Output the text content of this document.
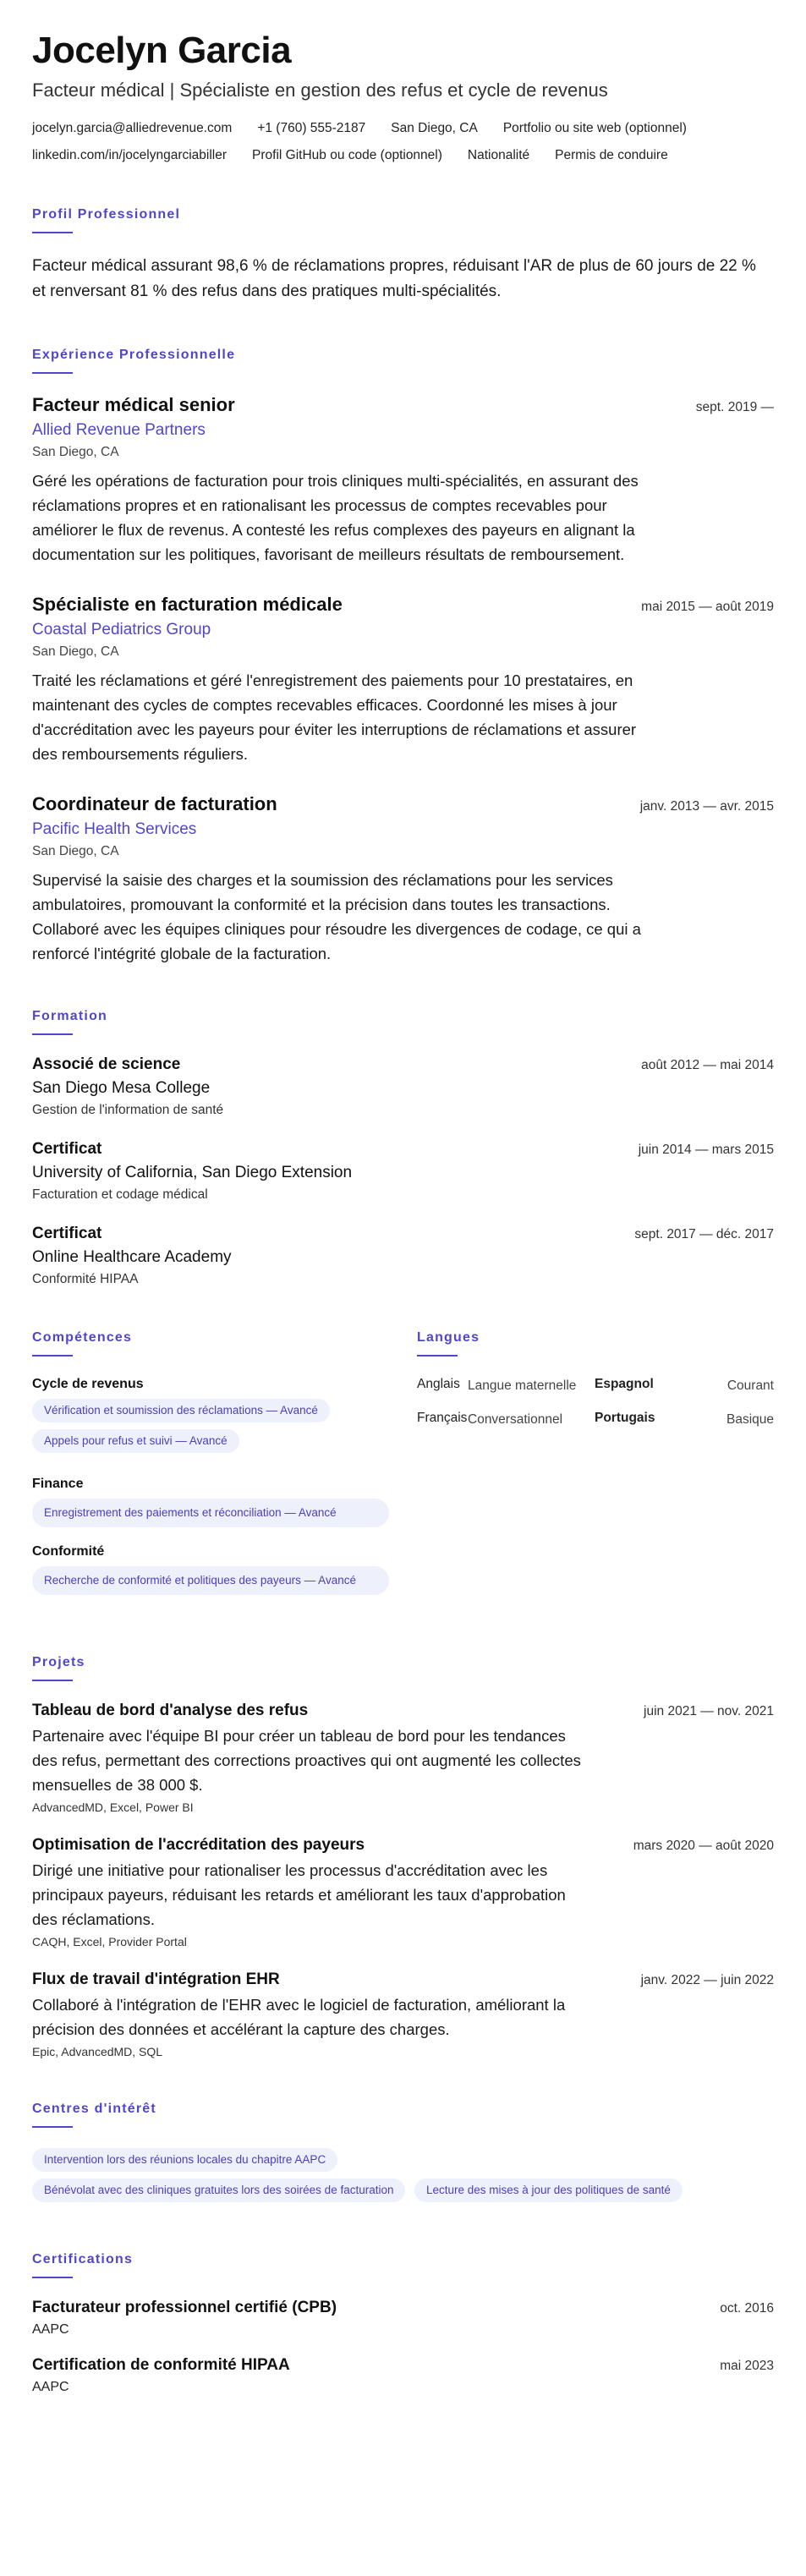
Jocelyn Garcia
Facteur médical | Spécialiste en gestion des refus et cycle de revenus
jocelyn.garcia@alliedrevenue.com +1 (760) 555-2187 San Diego, CA Portfolio ou site web (optionnel)
linkedin.com/in/jocelyngarciabiller Profil GitHub ou code (optionnel) Nationalité Permis de conduire
Profil Professionnel

Facteur médical assurant 98,6 % de réclamations propres, réduisant l'AR de plus de 60 jours de 22 % et renversant 81 % des refus dans des pratiques multi-spécialités.

Expérience Professionnelle
Facteur médical senior	sept. 2019 —
Allied Revenue Partners
San Diego, CA

Géré les opérations de facturation pour trois cliniques multi-spécialités, en assurant des réclamations propres et en rationalisant les processus de comptes recevables pour améliorer le flux de revenus. A contesté les refus complexes des payeurs en alignant la documentation sur les politiques, favorisant de meilleurs résultats de remboursement.

Spécialiste en facturation médicale	mai 2015 — août 2019
Coastal Pediatrics Group
San Diego, CA

Traité les réclamations et géré l'enregistrement des paiements pour 10 prestataires, en maintenant des cycles de comptes recevables efficaces. Coordonné les mises à jour d'accréditation avec les payeurs pour éviter les interruptions de réclamations et assurer des remboursements réguliers.

Coordinateur de facturation	janv. 2013 — avr. 2015
Pacific Health Services
San Diego, CA

Supervisé la saisie des charges et la soumission des réclamations pour les services ambulatoires, promouvant la conformité et la précision dans toutes les transactions. Collaboré avec les équipes cliniques pour résoudre les divergences de codage, ce qui a renforcé l'intégrité globale de la facturation.

Formation
Associé de science	août 2012 — mai 2014
San Diego Mesa College
Gestion de l'information de santé
Certificat	juin 2014 — mars 2015
University of California, San Diego Extension
Facturation et codage médical
Certificat	sept. 2017 — déc. 2017
Online Healthcare Academy
Conformité HIPAA
Compétences
Cycle de revenus
Vérification et soumission des réclamations — Avancé
Appels pour refus et suivi — Avancé
Finance
Enregistrement des paiements et réconciliation — Avancé
Conformité
Recherche de conformité et politiques des payeurs — Avancé
Langues
Anglais Langue maternelle	Espagnol	Courant
Français Conversationnel	Portugais	Basique
Projets
Tableau de bord d'analyse des refus	juin 2021 — nov. 2021

Partenaire avec l'équipe BI pour créer un tableau de bord pour les tendances des refus, permettant des corrections proactives qui ont augmenté les collectes mensuelles de 38 000 $.

AdvancedMD, Excel, Power BI
Optimisation de l'accréditation des payeurs	mars 2020 — août 2020

Dirigé une initiative pour rationaliser les processus d'accréditation avec les principaux payeurs, réduisant les retards et améliorant les taux d'approbation des réclamations.

CAQH, Excel, Provider Portal
Flux de travail d'intégration EHR	janv. 2022 — juin 2022

Collaboré à l'intégration de l'EHR avec le logiciel de facturation, améliorant la précision des données et accélérant la capture des charges.

Epic, AdvancedMD, SQL
Centres d'intérêt
Intervention lors des réunions locales du chapitre AAPC
Bénévolat avec des cliniques gratuites lors des soirées de facturation	Lecture des mises à jour des politiques de santé
Certifications
Facturateur professionnel certifié (CPB)	oct. 2016
AAPC
Certification de conformité HIPAA	mai 2023
AAPC
